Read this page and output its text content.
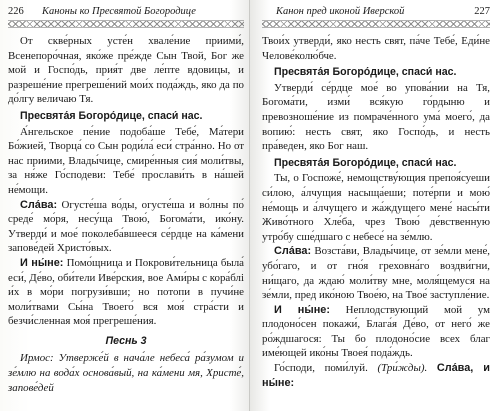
226 Каноны ко Пресвятой Богородице

От скве́рных усте́н хвале́ние приими́, Всенепоро́чная, яко́же пре́жде Сын Твой, Бог же мой и Госпо́дь, прия́т две ле́пте вдовицы, и разреше́ние прегреше́ний мои́х пода́ждь, яко да по до́лгу величаю Тя.

Пресвята́я Богоро́дице, спаси́ нас.

А́нгельское пе́ние подоба́ше Тебе́, Ма́тери Бо́жией, Творца́ со Сын роди́ла́ еси́ стра́нно. Но от нас приими, Влады́чице, смире́нныя сия́ моли́твы, за ня́же Го́сподеви: Тебе́ прослави́ть в на́шей не́мощи.

Сла́ва: Огусте́ша во́ды, огусте́ша и во́лны по́ среде́ мо́ря, несу́ща Твою́, Богома́ти, ико́ну. Утверди́ и мое́ поколеба́вшееся се́рдце на ка́мени запове́дей Христо́вых.

И ны́не: Помо́щница и Покрови́тельница была́ еси́, Де́во, оби́тели Иве́рския, вое Ами́ры с кора́блі и́х в мо́ри погрузи́вши; но потопи в пучи́не моли́твами Сы́на Твоего́ вся моя́ стра́сти и безчи́сленная моя́ прегреше́ния.

Песнь 3

Ирмос: Утверже́й в нача́ле небеса́ ра́зумом и зе́млю на вода́х основа́вый, на ка́мени мя, Христе́, запове́дей

Канон пред иконой Иверской	227

Твои́х утверди́, яко несть свят, па́че Тебе́, Еди́не Челове́колю́бче.

Пресвята́я Богоро́дице, спаси́ нас.

Утверди́ се́рдце мое́ во упова́нии на Тя, Богома́ти, изми́ вся́кую го́рдыню и превозноше́ние из помраче́нного ума́ моего́, да вопию́: несть свят, яко Госпо́дь, и несть пра́веден, яко Бог наш.

Пресвята́я Богоро́дице, спаси́ нас.

Ты, о Госпоже́, немощству́ющия препоя́суеши си́лою, а́лчущия насыща́еши; поте́рпи и мою́ не́мощь и а́лчущего и жа́ждущего мене́ насы́ти Живо́тного Хле́ба, чрез Твою́ де́вственную утро́бу сше́дшаго с небесе́ на зе́млю.

Сла́ва: Возста́ви, Влады́чице, от зе́мли мене́, убо́гаго, и от гно́я греховна́го воздви́гни, ни́щаго, да ждаю́ моли́тву мне, моля́щемуся на зе́мли, пред ико́ною Твое́ю, на Твое́ заступле́ние.

И ны́не: Неплодствующий мой ум плодоно́сен покажи́, Блага́я Де́во, от него́ же ро́ждшагося: Ты бо плодоно́сие всех благ име́ющей ико́ны Твоея́ пода́ждь.

Го́споди, поми́луй. (Три́жды). Сла́ва, и ны́не:
